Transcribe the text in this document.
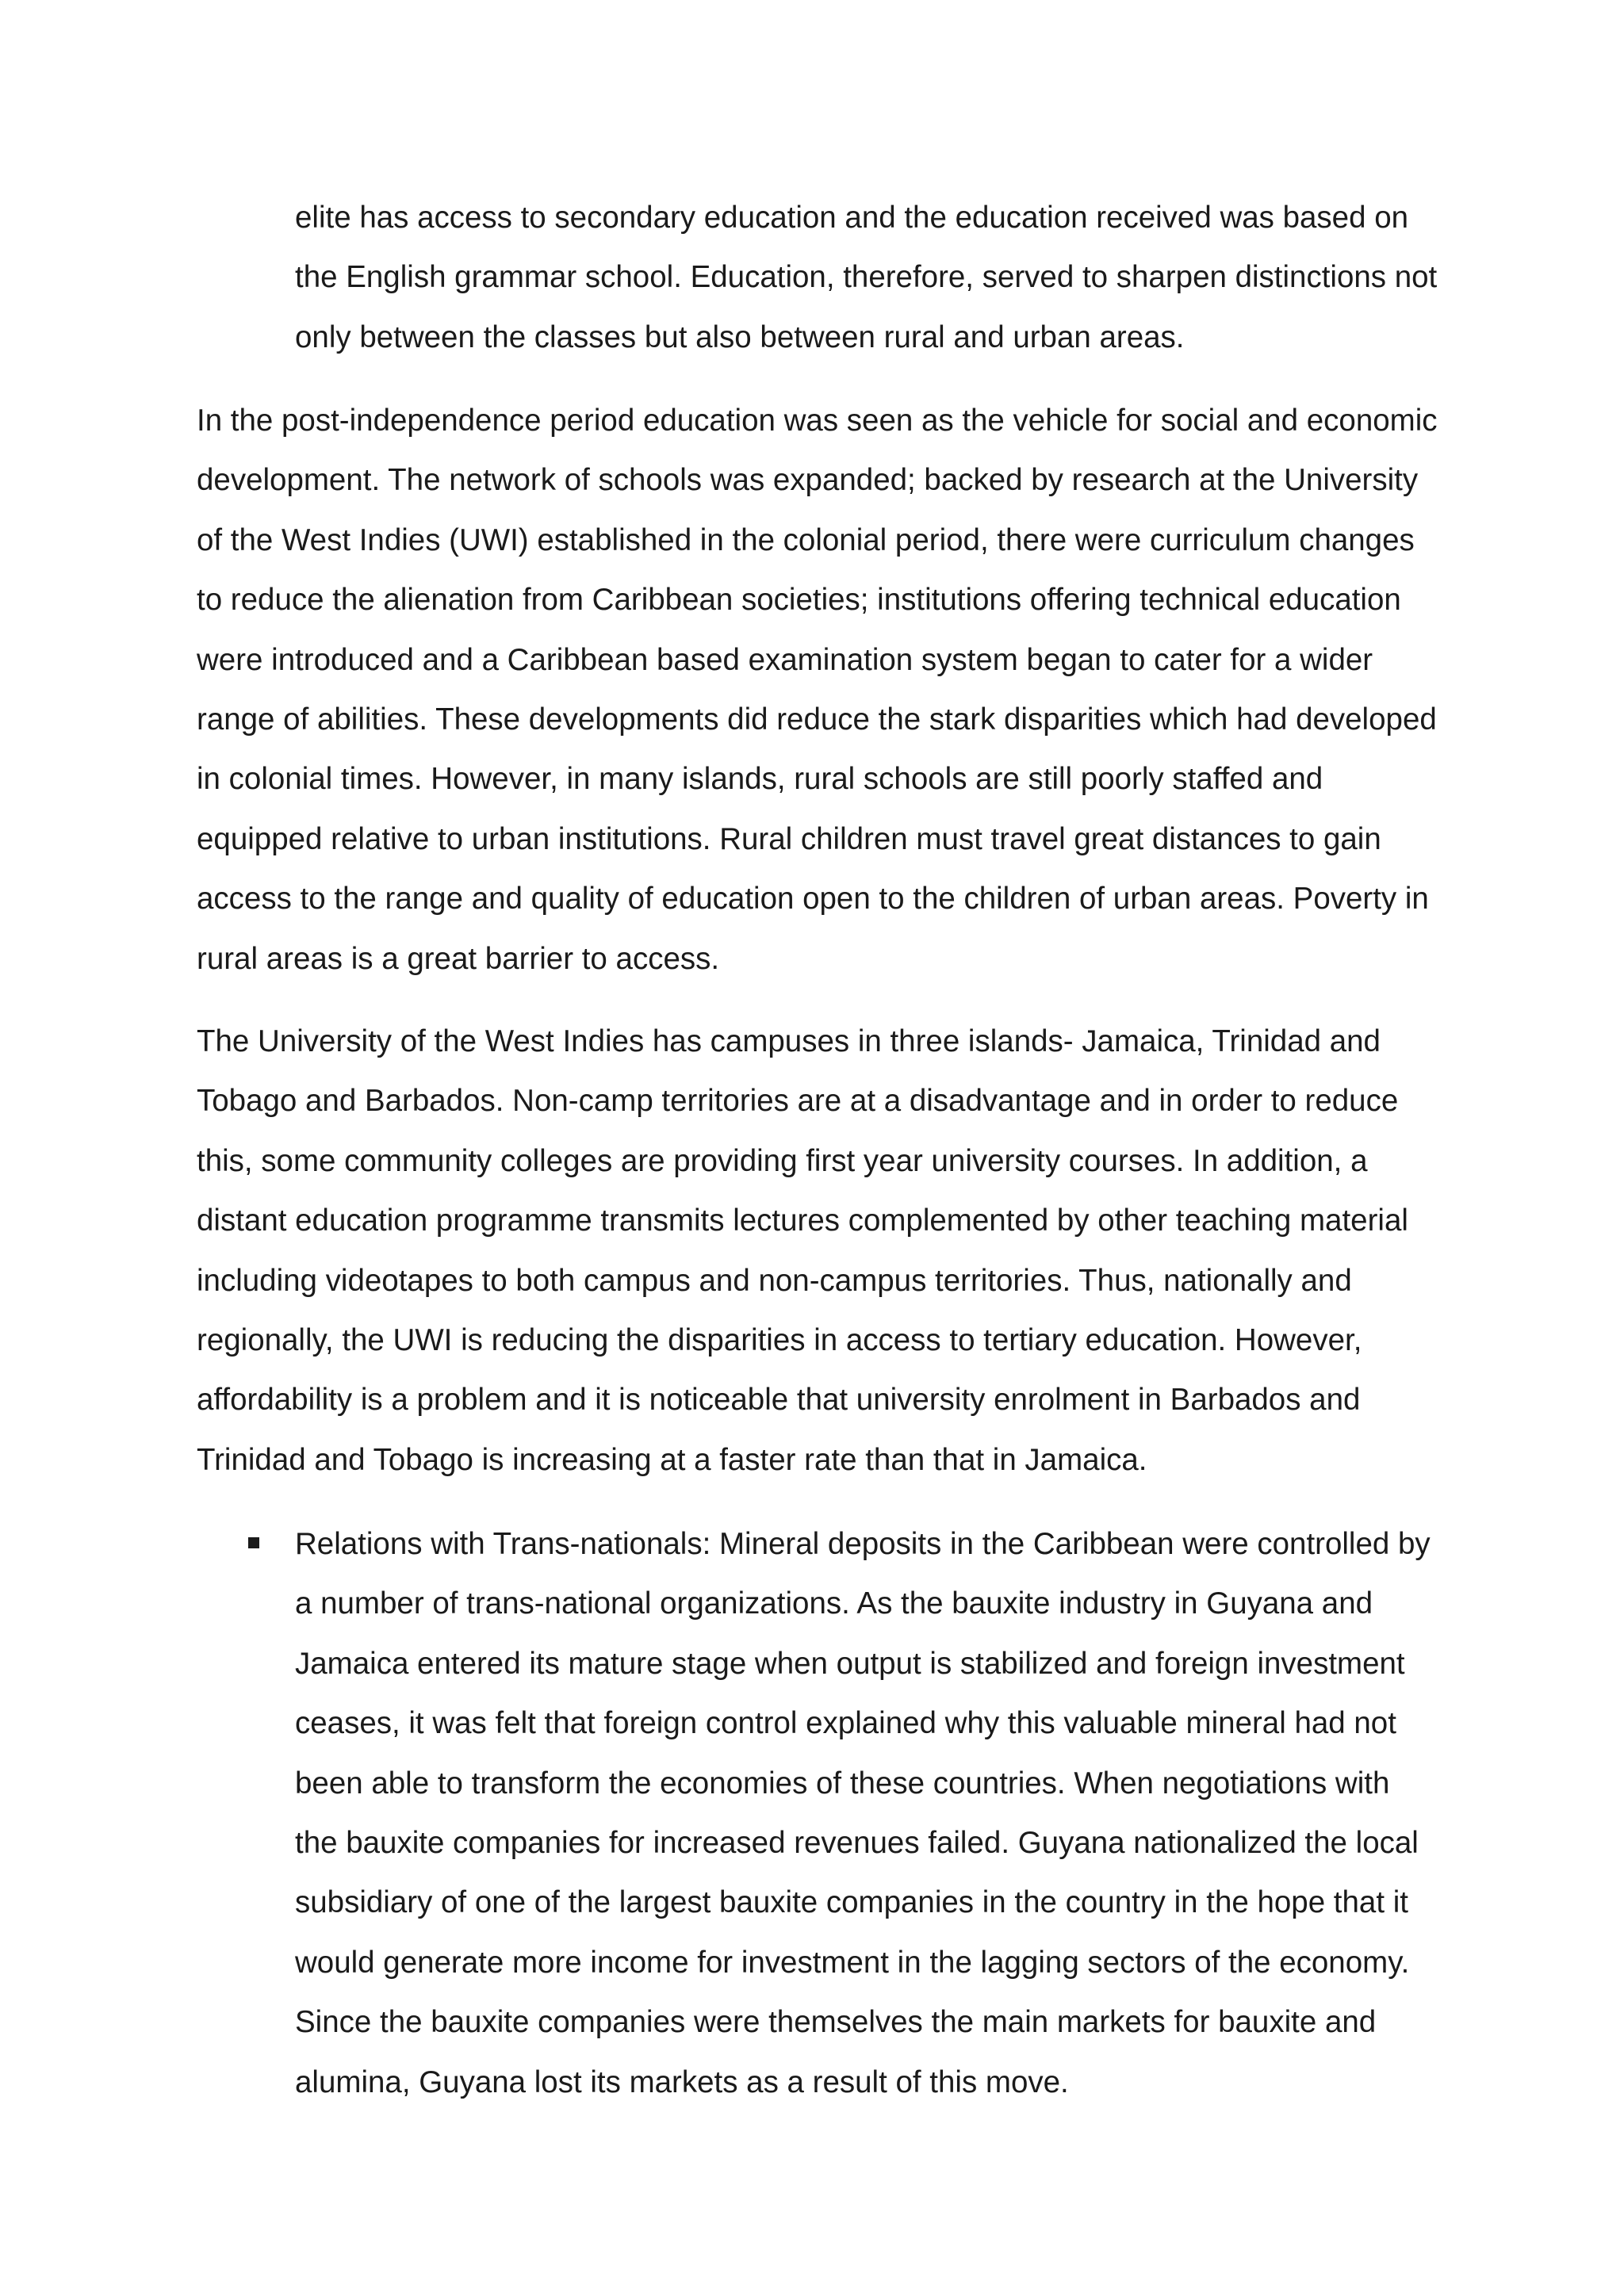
elite has access to secondary education and the education received was based on
the English grammar school. Education, therefore, served to sharpen distinctions not
only between the classes but also between rural and urban areas.

In the post-independence period education was seen as the vehicle for social and economic
development. The network of schools was expanded; backed by research at the University
of the West Indies (UWI) established in the colonial period, there were curriculum changes
to reduce the alienation from Caribbean societies; institutions offering technical education
were introduced and a Caribbean based examination system began to cater for a wider
range of abilities. These developments did reduce the stark disparities which had developed
in colonial times. However, in many islands, rural schools are still poorly staffed and
equipped relative to urban institutions. Rural children must travel great distances to gain
access to the range and quality of education open to the children of urban areas. Poverty in
rural areas is a great barrier to access.

The University of the West Indies has campuses in three islands- Jamaica, Trinidad and
Tobago and Barbados. Non-camp territories are at a disadvantage and in order to reduce
this, some community colleges are providing first year university courses. In addition, a
distant education programme transmits lectures complemented by other teaching material
including videotapes to both campus and non-campus territories. Thus, nationally and
regionally, the UWI is reducing the disparities in access to tertiary education. However,
affordability is a problem and it is noticeable that university enrolment in Barbados and
Trinidad and Tobago is increasing at a faster rate than that in Jamaica.

Relations with Trans-nationals: Mineral deposits in the Caribbean were controlled by
a number of trans-national organizations. As the bauxite industry in Guyana and
Jamaica entered its mature stage when output is stabilized and foreign investment
ceases, it was felt that foreign control explained why this valuable mineral had not
been able to transform the economies of these countries. When negotiations with
the bauxite companies for increased revenues failed. Guyana nationalized the local
subsidiary of one of the largest bauxite companies in the country in the hope that it
would generate more income for investment in the lagging sectors of the economy.
Since the bauxite companies were themselves the main markets for bauxite and
alumina, Guyana lost its markets as a result of this move.
